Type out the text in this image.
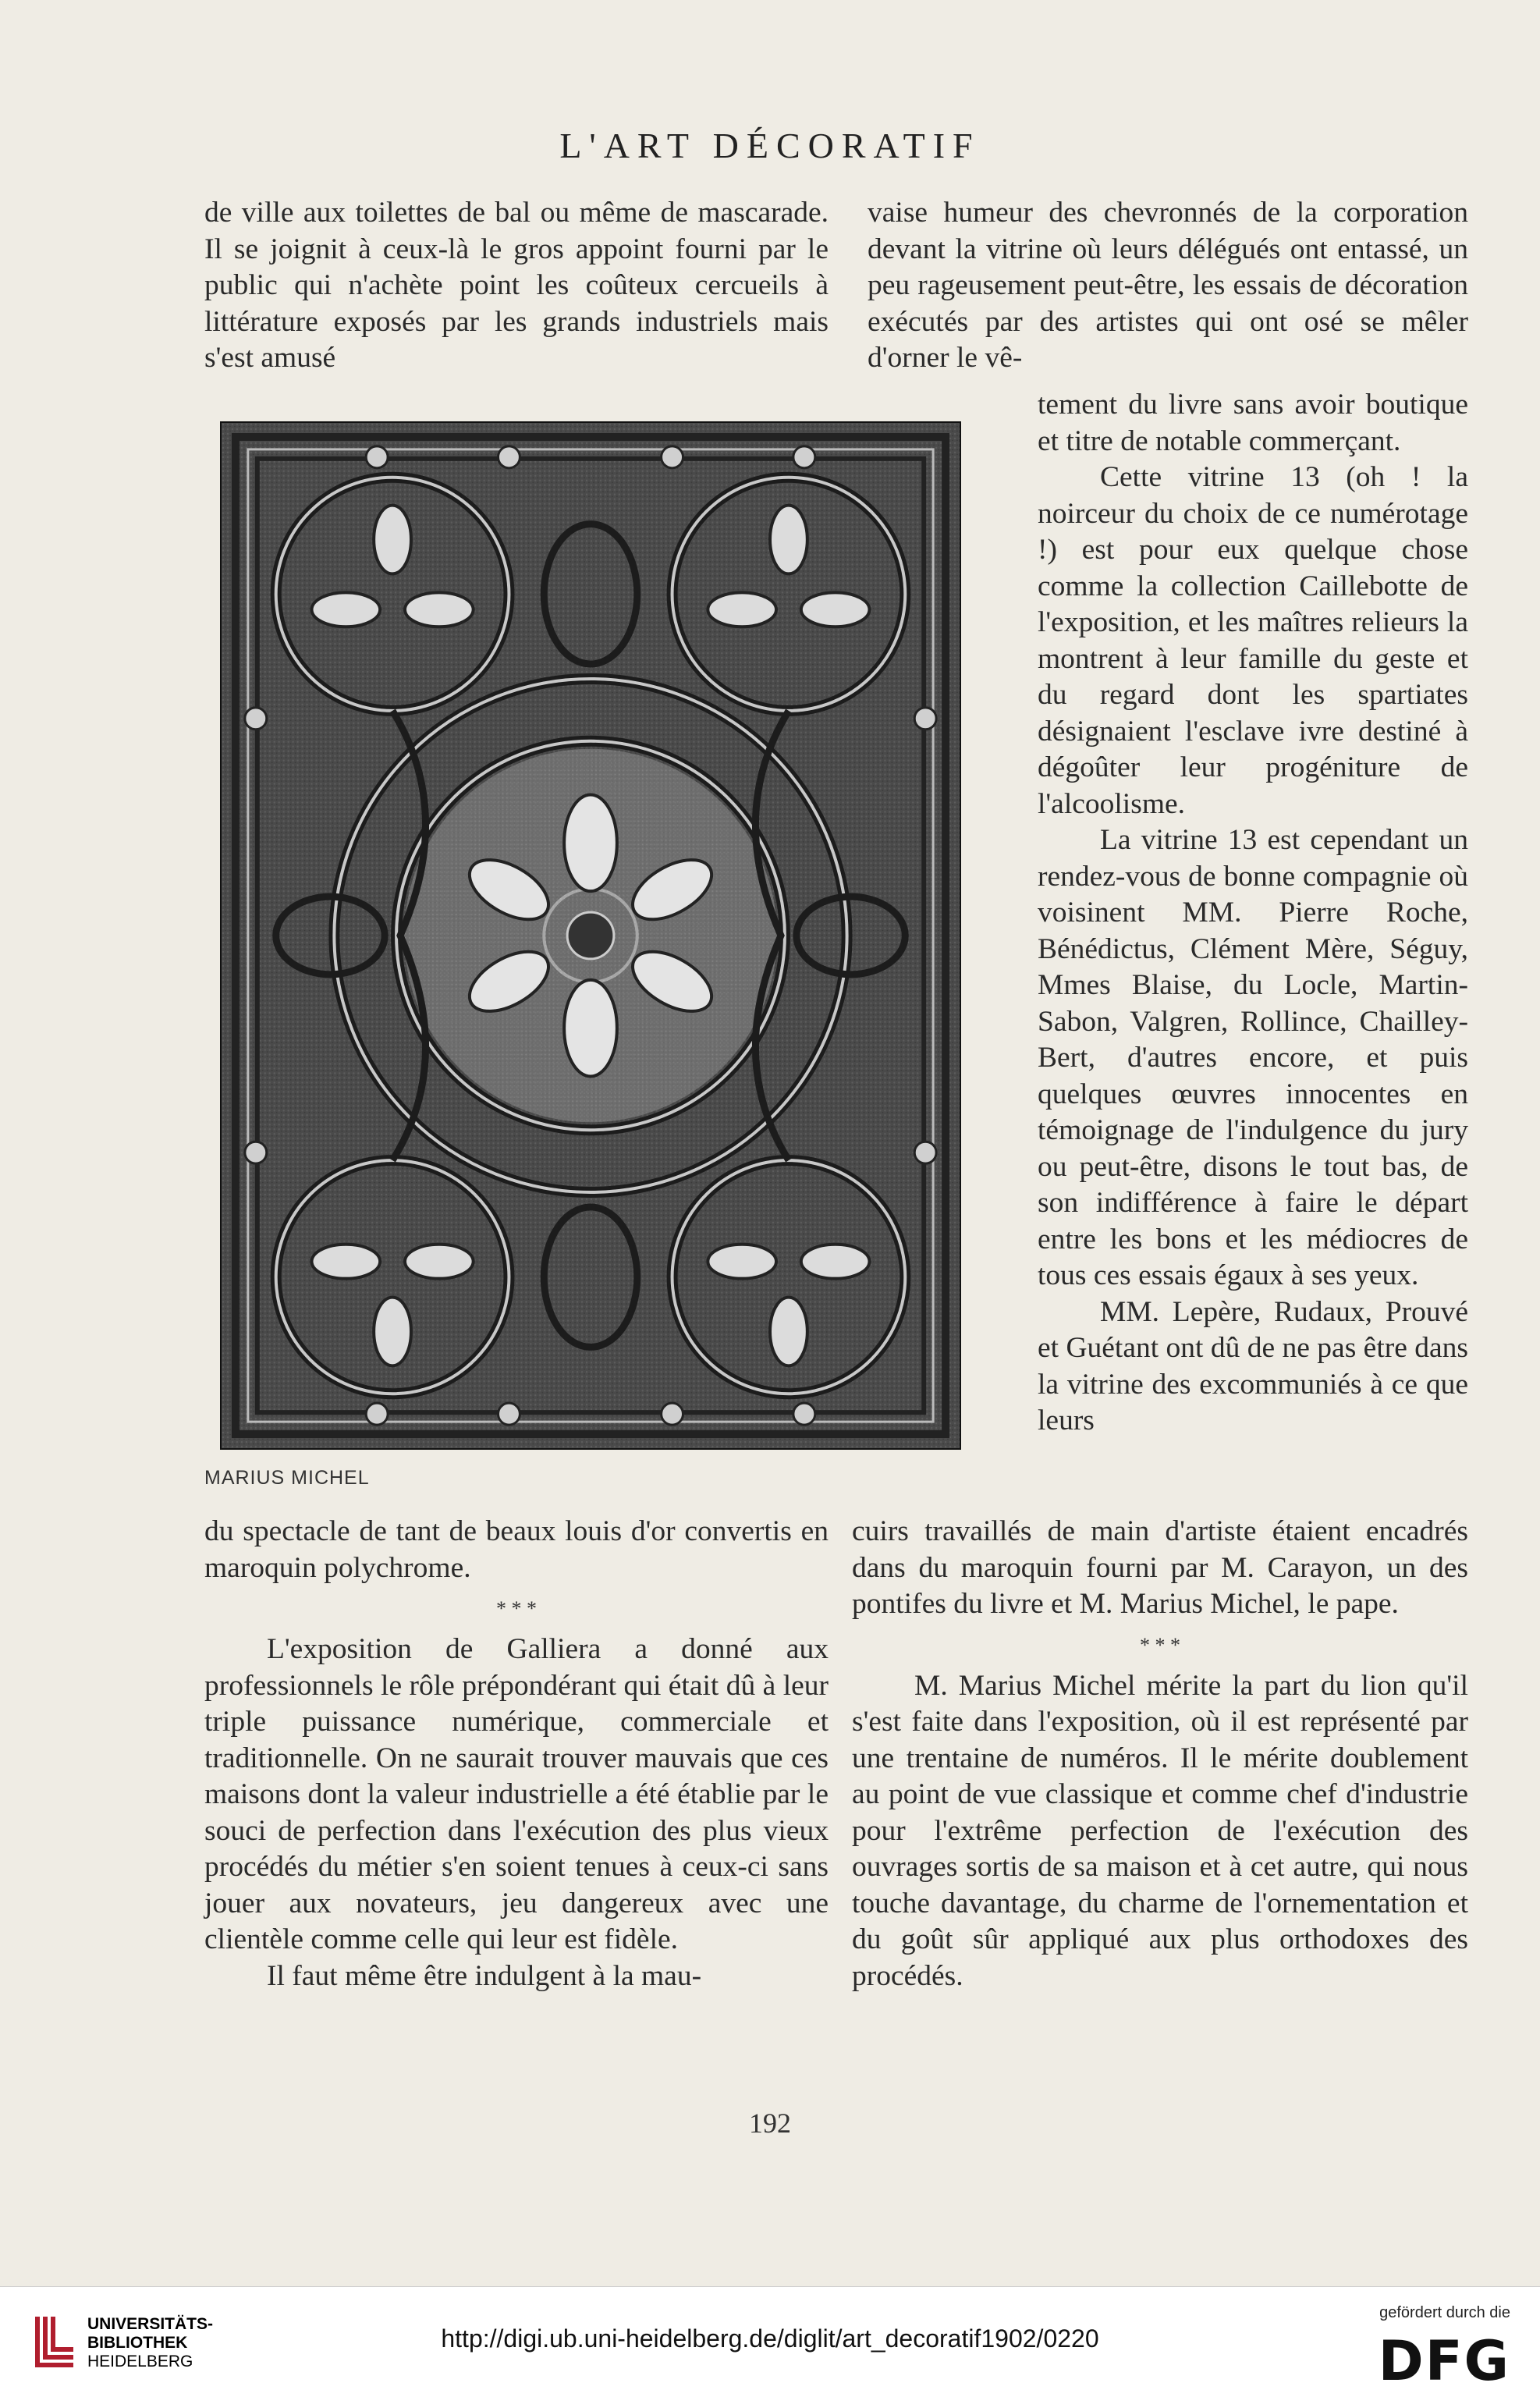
L'ART DÉCORATIF

de ville aux toilettes de bal ou même de mascarade. Il se joignit à ceux-là le gros appoint fourni par le public qui n'achète point les coûteux cercueils à littérature exposés par les grands industriels mais s'est amusé

vaise humeur des chevronnés de la corporation devant la vitrine où leurs délégués ont entassé, un peu rageusement peut-être, les essais de décoration exécutés par des artistes qui ont osé se mêler d'orner le vê-

MARIUS MICHEL

tement du livre sans avoir boutique et titre de notable commerçant.

Cette vitrine 13 (oh ! la noirceur du choix de ce numérotage !) est pour eux quelque chose comme la collection Caillebotte de l'exposition, et les maîtres relieurs la montrent à leur famille du geste et du regard dont les spartiates désignaient l'esclave ivre destiné à dégoûter leur progéniture de l'alcoolisme.

La vitrine 13 est cependant un rendez-vous de bonne compagnie où voisinent MM. Pierre Roche, Bénédictus, Clément Mère, Séguy, Mmes Blaise, du Locle, Martin-Sabon, Valgren, Rollince, Chailley-Bert, d'autres encore, et puis quelques œuvres innocentes en témoignage de l'indulgence du jury ou peut-être, disons le tout bas, de son indifférence à faire le départ entre les bons et les médiocres de tous ces essais égaux à ses yeux.

MM. Lepère, Rudaux, Prouvé et Guétant ont dû de ne pas être dans la vitrine des excommuniés à ce que leurs

du spectacle de tant de beaux louis d'or convertis en maroquin polychrome.

* * *

L'exposition de Galliera a donné aux professionnels le rôle prépondérant qui était dû à leur triple puissance numérique, commerciale et traditionnelle. On ne saurait trouver mauvais que ces maisons dont la valeur industrielle a été établie par le souci de perfection dans l'exécution des plus vieux procédés du métier s'en soient tenues à ceux-ci sans jouer aux novateurs, jeu dangereux avec une clientèle comme celle qui leur est fidèle.

Il faut même être indulgent à la mau-

cuirs travaillés de main d'artiste étaient encadrés dans du maroquin fourni par M. Carayon, un des pontifes du livre et M. Marius Michel, le pape.

* * *

M. Marius Michel mérite la part du lion qu'il s'est faite dans l'exposition, où il est représenté par une trentaine de numéros. Il le mérite doublement au point de vue classique et comme chef d'industrie pour l'extrême perfection de l'exécution des ouvrages sortis de sa maison et à cet autre, qui nous touche davantage, du charme de l'ornementation et du goût sûr appliqué aux plus orthodoxes des procédés.

192
UNIVERSITÄTS-
BIBLIOTHEK
HEIDELBERG
http://digi.ub.uni-heidelberg.de/diglit/art_decoratif1902/0220
gefördert durch die
DFG
